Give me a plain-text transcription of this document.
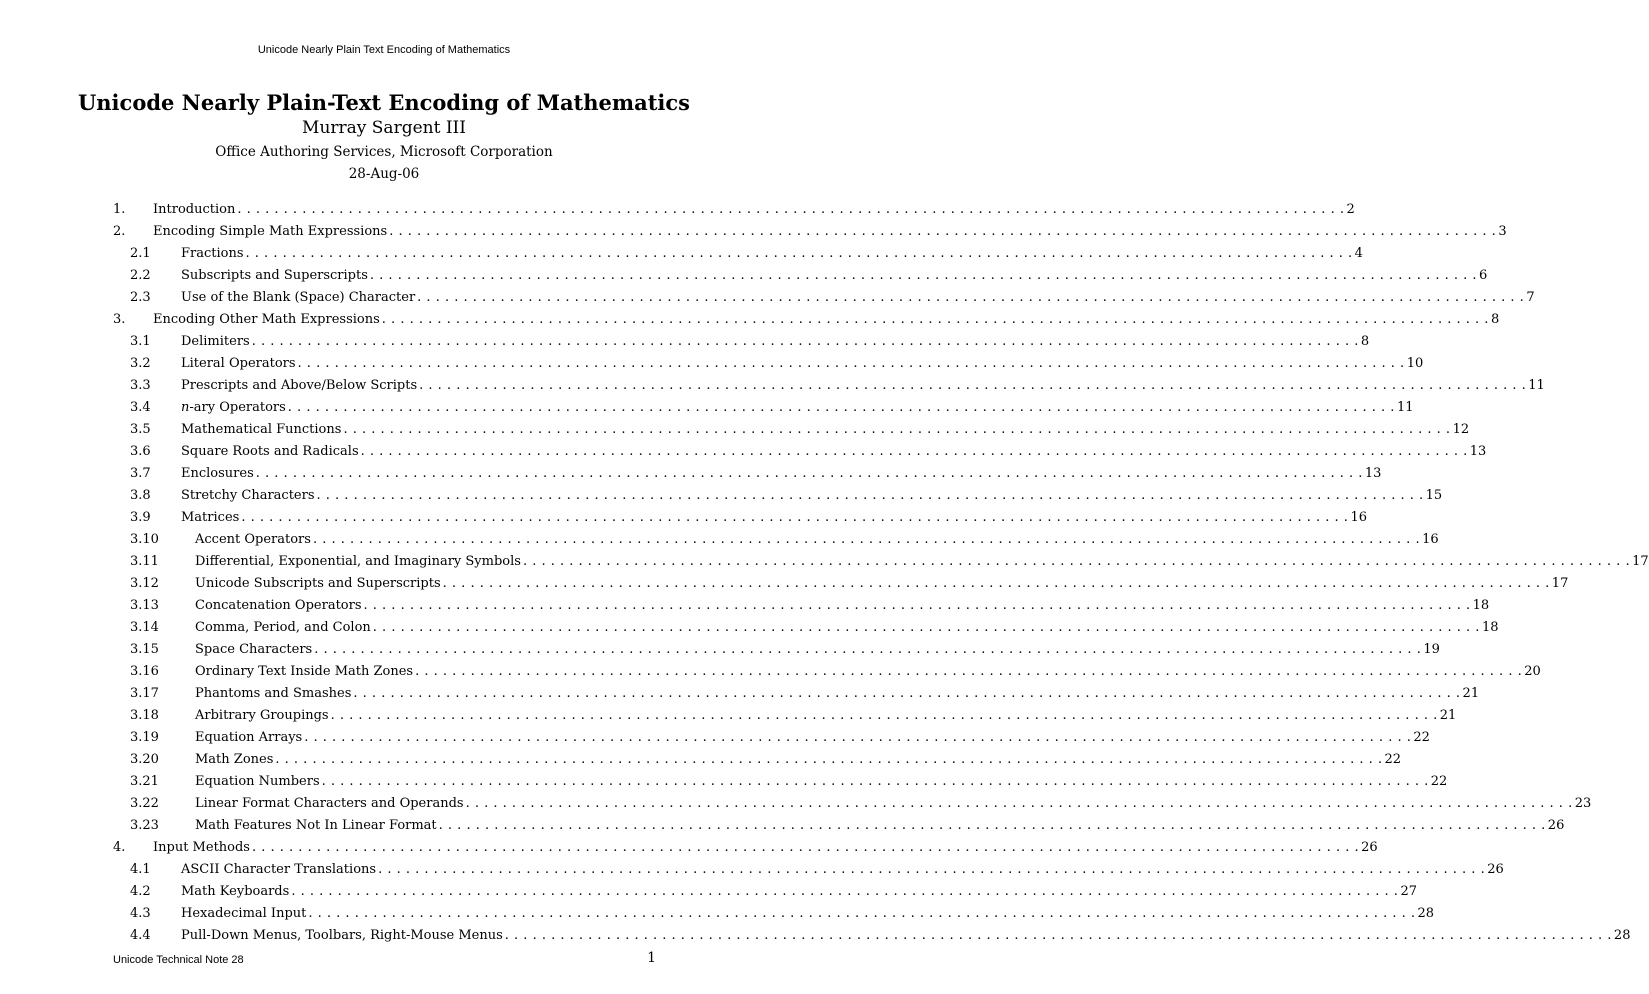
Unicode Nearly Plain Text Encoding of Mathematics
Unicode Nearly Plain-Text Encoding of Mathematics
Murray Sargent III
Office Authoring Services, Microsoft Corporation
28-Aug-06
1. Introduction . . . . . . . . . . . . . . . . . . . . . . . . . . . . . . . . . . . . . . . . . . . . . . . . . . . . . . . . . . . . . . . . . . . . . . . . . . . . . . . . . . . . . . . . . . . . . . . . . . . . . . . . . . . . . . . . . . . . . . . . 2
2. Encoding Simple Math Expressions . . . . . . . . . . . . . . . . . . . . . . . . . . . . . . . . . . . . . . . . . . . . . . . . . . . . . . . . . . . . . . . . . . . . . . . . . . . . . . . . . . . . . . . . . . . . . . . . . . . . . . . . . . . . . . . . . . . . . . . . 3
2.1 Fractions . . . . . . . . . . . . . . . . . . . . . . . . . . . . . . . . . . . . . . . . . . . . . . . . . . . . . . . . . . . . . . . . . . . . . . . . . . . . . . . . . . . . . . . . . . . . . . . . . . . . . . . . . . . . . . . . . . . . . . . . 4
2.2 Subscripts and Superscripts . . . . . . . . . . . . . . . . . . . . . . . . . . . . . . . . . . . . . . . . . . . . . . . . . . . . . . . . . . . . . . . . . . . . . . . . . . . . . . . . . . . . . . . . . . . . . . . . . . . . . . . . . . . . . . . . . . . . . . . . 6
2.3 Use of the Blank (Space) Character . . . . . . . . . . . . . . . . . . . . . . . . . . . . . . . . . . . . . . . . . . . . . . . . . . . . . . . . . . . . . . . . . . . . . . . . . . . . . . . . . . . . . . . . . . . . . . . . . . . . . . . . . . . . . . . . . . . . . . . . 7
3. Encoding Other Math Expressions . . . . . . . . . . . . . . . . . . . . . . . . . . . . . . . . . . . . . . . . . . . . . . . . . . . . . . . . . . . . . . . . . . . . . . . . . . . . . . . . . . . . . . . . . . . . . . . . . . . . . . . . . . . . . . . . . . . . . . . . 8
3.1 Delimiters . . . . . . . . . . . . . . . . . . . . . . . . . . . . . . . . . . . . . . . . . . . . . . . . . . . . . . . . . . . . . . . . . . . . . . . . . . . . . . . . . . . . . . . . . . . . . . . . . . . . . . . . . . . . . . . . . . . . . . . . 8
3.2 Literal Operators . . . . . . . . . . . . . . . . . . . . . . . . . . . . . . . . . . . . . . . . . . . . . . . . . . . . . . . . . . . . . . . . . . . . . . . . . . . . . . . . . . . . . . . . . . . . . . . . . . . . . . . . . . . . . . . . . . . . . . . . 10
3.3 Prescripts and Above/Below Scripts . . . . . . . . . . . . . . . . . . . . . . . . . . . . . . . . . . . . . . . . . . . . . . . . . . . . . . . . . . . . . . . . . . . . . . . . . . . . . . . . . . . . . . . . . . . . . . . . . . . . . . . . . . . . . . . . . . . . . . . . 11
3.4 n-ary Operators . . . . . . . . . . . . . . . . . . . . . . . . . . . . . . . . . . . . . . . . . . . . . . . . . . . . . . . . . . . . . . . . . . . . . . . . . . . . . . . . . . . . . . . . . . . . . . . . . . . . . . . . . . . . . . . . . . . . . . . . 11
3.5 Mathematical Functions . . . . . . . . . . . . . . . . . . . . . . . . . . . . . . . . . . . . . . . . . . . . . . . . . . . . . . . . . . . . . . . . . . . . . . . . . . . . . . . . . . . . . . . . . . . . . . . . . . . . . . . . . . . . . . . . . . . . . . . . 12
3.6 Square Roots and Radicals . . . . . . . . . . . . . . . . . . . . . . . . . . . . . . . . . . . . . . . . . . . . . . . . . . . . . . . . . . . . . . . . . . . . . . . . . . . . . . . . . . . . . . . . . . . . . . . . . . . . . . . . . . . . . . . . . . . . . . . . 13
3.7 Enclosures . . . . . . . . . . . . . . . . . . . . . . . . . . . . . . . . . . . . . . . . . . . . . . . . . . . . . . . . . . . . . . . . . . . . . . . . . . . . . . . . . . . . . . . . . . . . . . . . . . . . . . . . . . . . . . . . . . . . . . . . 13
3.8 Stretchy Characters . . . . . . . . . . . . . . . . . . . . . . . . . . . . . . . . . . . . . . . . . . . . . . . . . . . . . . . . . . . . . . . . . . . . . . . . . . . . . . . . . . . . . . . . . . . . . . . . . . . . . . . . . . . . . . . . . . . . . . . . 15
3.9 Matrices . . . . . . . . . . . . . . . . . . . . . . . . . . . . . . . . . . . . . . . . . . . . . . . . . . . . . . . . . . . . . . . . . . . . . . . . . . . . . . . . . . . . . . . . . . . . . . . . . . . . . . . . . . . . . . . . . . . . . . . . 16
3.10	Accent Operators . . . . . . . . . . . . . . . . . . . . . . . . . . . . . . . . . . . . . . . . . . . . . . . . . . . . . . . . . . . . . . . . . . . . . . . . . . . . . . . . . . . . . . . . . . . . . . . . . . . . . . . . . . . . . . . . . . . . . . . . 16
3.11	Differential, Exponential, and Imaginary Symbols . . . . . . . . . . . . . . . . . . . . . . . . . . . . . . . . . . . . . . . . . . . . . . . . . . . . . . . . . . . . . . . . . . . . . . . . . . . . . . . . . . . . . . . . . . . . . . . . . . . . . . . . . . . . . . . . . . . . . . . . 17
3.12	Unicode Subscripts and Superscripts . . . . . . . . . . . . . . . . . . . . . . . . . . . . . . . . . . . . . . . . . . . . . . . . . . . . . . . . . . . . . . . . . . . . . . . . . . . . . . . . . . . . . . . . . . . . . . . . . . . . . . . . . . . . . . . . . . . . . . . . 17
3.13	Concatenation Operators . . . . . . . . . . . . . . . . . . . . . . . . . . . . . . . . . . . . . . . . . . . . . . . . . . . . . . . . . . . . . . . . . . . . . . . . . . . . . . . . . . . . . . . . . . . . . . . . . . . . . . . . . . . . . . . . . . . . . . . . 18
3.14	Comma, Period, and Colon . . . . . . . . . . . . . . . . . . . . . . . . . . . . . . . . . . . . . . . . . . . . . . . . . . . . . . . . . . . . . . . . . . . . . . . . . . . . . . . . . . . . . . . . . . . . . . . . . . . . . . . . . . . . . . . . . . . . . . . . 18
3.15	Space Characters . . . . . . . . . . . . . . . . . . . . . . . . . . . . . . . . . . . . . . . . . . . . . . . . . . . . . . . . . . . . . . . . . . . . . . . . . . . . . . . . . . . . . . . . . . . . . . . . . . . . . . . . . . . . . . . . . . . . . . . . 19
3.16	Ordinary Text Inside Math Zones . . . . . . . . . . . . . . . . . . . . . . . . . . . . . . . . . . . . . . . . . . . . . . . . . . . . . . . . . . . . . . . . . . . . . . . . . . . . . . . . . . . . . . . . . . . . . . . . . . . . . . . . . . . . . . . . . . . . . . . . 20
3.17	Phantoms and Smashes . . . . . . . . . . . . . . . . . . . . . . . . . . . . . . . . . . . . . . . . . . . . . . . . . . . . . . . . . . . . . . . . . . . . . . . . . . . . . . . . . . . . . . . . . . . . . . . . . . . . . . . . . . . . . . . . . . . . . . . . 21
3.18	Arbitrary Groupings . . . . . . . . . . . . . . . . . . . . . . . . . . . . . . . . . . . . . . . . . . . . . . . . . . . . . . . . . . . . . . . . . . . . . . . . . . . . . . . . . . . . . . . . . . . . . . . . . . . . . . . . . . . . . . . . . . . . . . . . 21
3.19	Equation Arrays . . . . . . . . . . . . . . . . . . . . . . . . . . . . . . . . . . . . . . . . . . . . . . . . . . . . . . . . . . . . . . . . . . . . . . . . . . . . . . . . . . . . . . . . . . . . . . . . . . . . . . . . . . . . . . . . . . . . . . . . 22
3.20	Math Zones . . . . . . . . . . . . . . . . . . . . . . . . . . . . . . . . . . . . . . . . . . . . . . . . . . . . . . . . . . . . . . . . . . . . . . . . . . . . . . . . . . . . . . . . . . . . . . . . . . . . . . . . . . . . . . . . . . . . . . . . 22
3.21	Equation Numbers . . . . . . . . . . . . . . . . . . . . . . . . . . . . . . . . . . . . . . . . . . . . . . . . . . . . . . . . . . . . . . . . . . . . . . . . . . . . . . . . . . . . . . . . . . . . . . . . . . . . . . . . . . . . . . . . . . . . . . . . 22
3.22	Linear Format Characters and Operands . . . . . . . . . . . . . . . . . . . . . . . . . . . . . . . . . . . . . . . . . . . . . . . . . . . . . . . . . . . . . . . . . . . . . . . . . . . . . . . . . . . . . . . . . . . . . . . . . . . . . . . . . . . . . . . . . . . . . . . . 23
3.23	Math Features Not In Linear Format . . . . . . . . . . . . . . . . . . . . . . . . . . . . . . . . . . . . . . . . . . . . . . . . . . . . . . . . . . . . . . . . . . . . . . . . . . . . . . . . . . . . . . . . . . . . . . . . . . . . . . . . . . . . . . . . . . . . . . . . 26
4. Input Methods . . . . . . . . . . . . . . . . . . . . . . . . . . . . . . . . . . . . . . . . . . . . . . . . . . . . . . . . . . . . . . . . . . . . . . . . . . . . . . . . . . . . . . . . . . . . . . . . . . . . . . . . . . . . . . . . . . . . . . . . 26
4.1 ASCII Character Translations . . . . . . . . . . . . . . . . . . . . . . . . . . . . . . . . . . . . . . . . . . . . . . . . . . . . . . . . . . . . . . . . . . . . . . . . . . . . . . . . . . . . . . . . . . . . . . . . . . . . . . . . . . . . . . . . . . . . . . . . 26
4.2 Math Keyboards . . . . . . . . . . . . . . . . . . . . . . . . . . . . . . . . . . . . . . . . . . . . . . . . . . . . . . . . . . . . . . . . . . . . . . . . . . . . . . . . . . . . . . . . . . . . . . . . . . . . . . . . . . . . . . . . . . . . . . . . 27
4.3 Hexadecimal Input . . . . . . . . . . . . . . . . . . . . . . . . . . . . . . . . . . . . . . . . . . . . . . . . . . . . . . . . . . . . . . . . . . . . . . . . . . . . . . . . . . . . . . . . . . . . . . . . . . . . . . . . . . . . . . . . . . . . . . . . 28
4.4 Pull-Down Menus, Toolbars, Right-Mouse Menus . . . . . . . . . . . . . . . . . . . . . . . . . . . . . . . . . . . . . . . . . . . . . . . . . . . . . . . . . . . . . . . . . . . . . . . . . . . . . . . . . . . . . . . . . . . . . . . . . . . . . . . . . . . . . . . . . . . . . . . . 28
Unicode Technical Note 28	1
